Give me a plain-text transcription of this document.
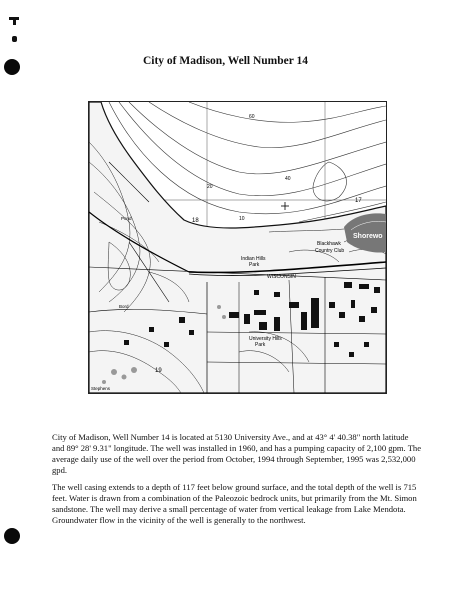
City of Madison, Well Number 14
Blackhawk
Country Club
Shorewo
Indian Hills
Park
WISCONSIN
University Hills
Park
18
19
17
60
40
20
10
Stephens
Pond
Bord

City of Madison, Well Number 14 is located at 5130 University Ave., and at 43° 4' 40.38" north latitude and 89° 28' 9.31" longitude. The well was installed in 1960, and has a pumping capacity of 2,100 gpm. The average daily use of the well over the period from October, 1994 through September, 1995 was 2,532,000 gpd.

The well casing extends to a depth of 117 feet below ground surface, and the total depth of the well is 715 feet. Water is drawn from a combination of the Paleozoic bedrock units, but primarily from the Mt. Simon sandstone. The well may derive a small percentage of water from vertical leakage from Lake Mendota. Groundwater flow in the vicinity of the well is generally to the northwest.
